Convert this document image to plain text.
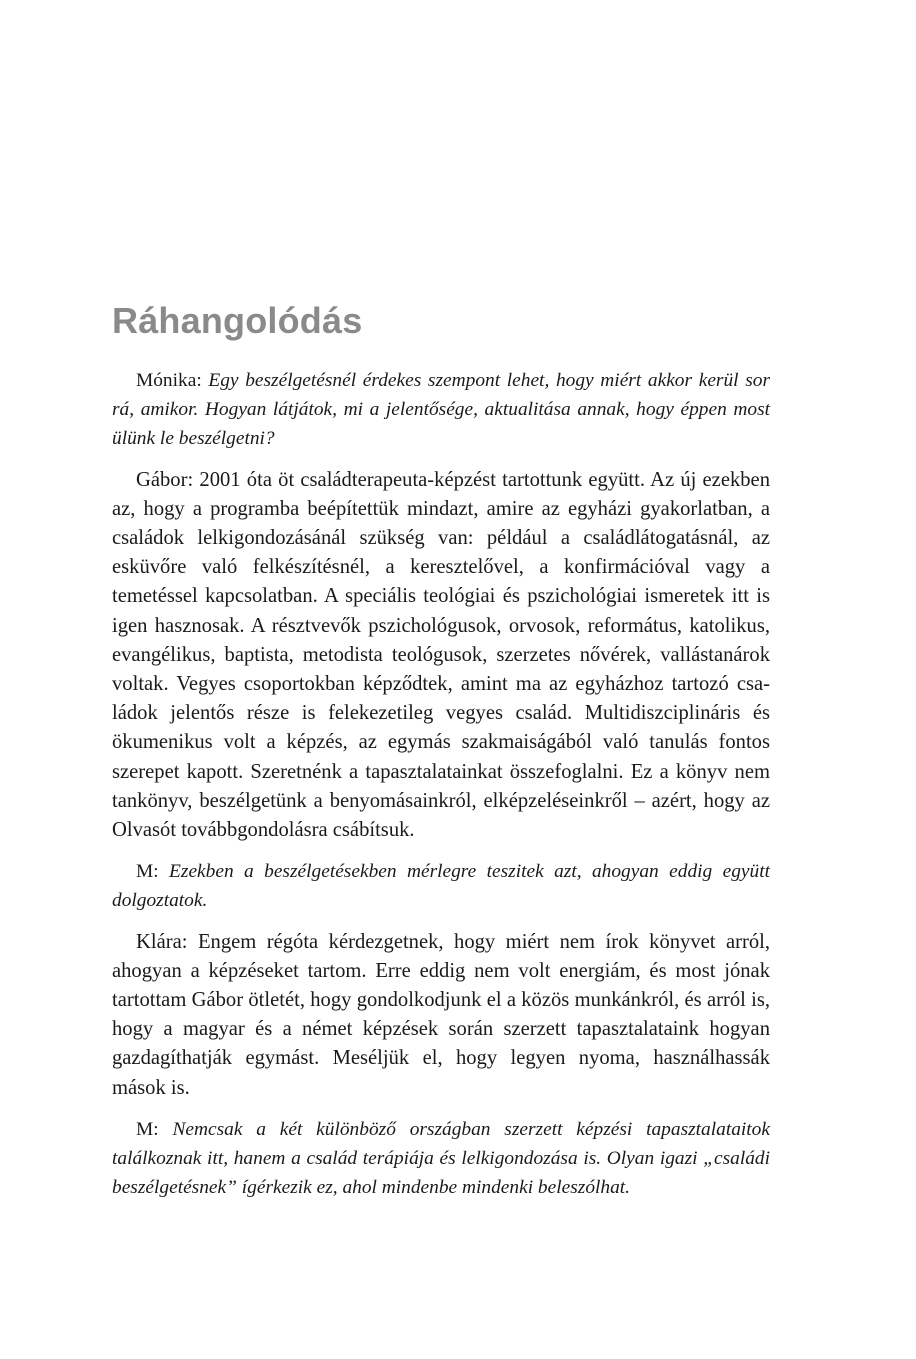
Ráhangolódás

Mónika: Egy beszélgetésnél érdekes szempont lehet, hogy miért akkor kerül sor rá, amikor. Hogyan látjátok, mi a jelentősége, aktualitása annak, hogy éppen most ülünk le beszélgetni?

Gábor: 2001 óta öt családterapeuta-képzést tartottunk együtt. Az új ezekben az, hogy a programba beépítettük mindazt, amire az egyházi gyakorlatban, a családok lelkigondozásánál szükség van: például a családlátogatásnál, az esküvőre való felkészítésnél, a keresztelővel, a konfirmációval vagy a temetéssel kapcsolatban. A speciális teológiai és pszichológiai ismeretek itt is igen hasznosak. A résztvevők pszichológusok, orvosok, református, katolikus, evangélikus, baptista, metodista teológusok, szerzetes nővérek, vallástanárok voltak. Vegyes csoportokban képződtek, amint ma az egyházhoz tartozó családok jelentős része is felekezetileg vegyes család. Multidiszciplináris és ökumenikus volt a képzés, az egymás szakmaiságából való tanulás fontos szerepet kapott. Szeretnénk a tapasztalatainkat összefoglalni. Ez a könyv nem tankönyv, beszélgetünk a benyomásainkról, elképzeléseinkről – azért, hogy az Olvasót továbbgondolásra csábítsuk.

M: Ezekben a beszélgetésekben mérlegre teszitek azt, ahogyan eddig együtt dolgoztatok.

Klára: Engem régóta kérdezgetnek, hogy miért nem írok könyvet arról, ahogyan a képzéseket tartom. Erre eddig nem volt energiám, és most jónak tartottam Gábor ötletét, hogy gondolkodjunk el a közös munkánkról, és arról is, hogy a magyar és a német képzések során szerzett tapasztalataink hogyan gazdagíthatják egymást. Meséljük el, hogy legyen nyoma, használhassák mások is.

M: Nemcsak a két különböző országban szerzett képzési tapasztalataitok találkoznak itt, hanem a család terápiája és lelkigondozása is. Olyan igazi „családi beszélgetésnek” ígérkezik ez, ahol mindenbe mindenki beleszólhat.
